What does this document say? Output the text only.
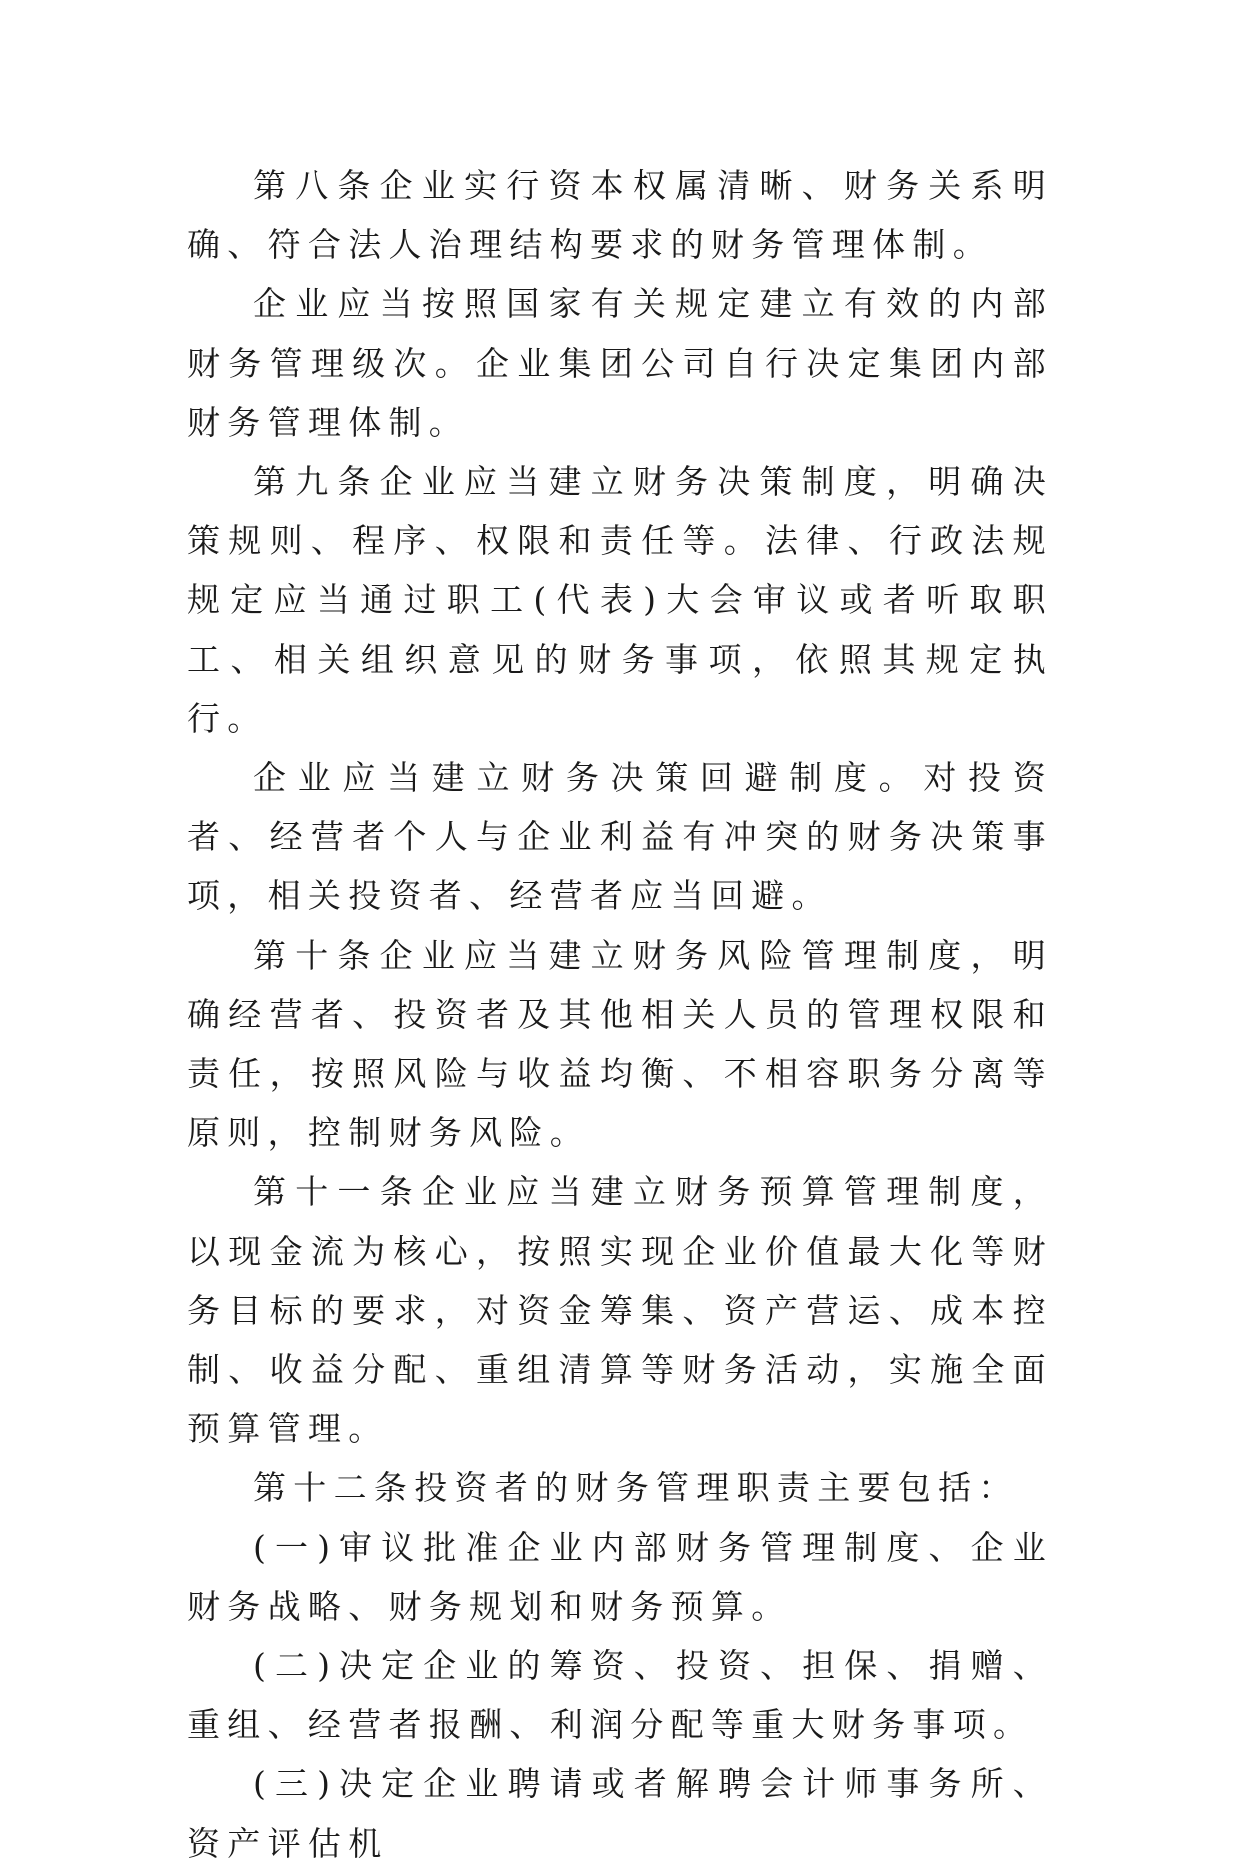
第八条企业实行资本权属清晰、财务关系明确、符合法人治理结构要求的财务管理体制。

企业应当按照国家有关规定建立有效的内部财务管理级次。企业集团公司自行决定集团内部财务管理体制。

第九条企业应当建立财务决策制度，明确决策规则、程序、权限和责任等。法律、行政法规规定应当通过职工(代表)大会审议或者听取职工、相关组织意见的财务事项，依照其规定执行。

企业应当建立财务决策回避制度。对投资者、经营者个人与企业利益有冲突的财务决策事项，相关投资者、经营者应当回避。

第十条企业应当建立财务风险管理制度，明确经营者、投资者及其他相关人员的管理权限和责任，按照风险与收益均衡、不相容职务分离等原则，控制财务风险。

第十一条企业应当建立财务预算管理制度，以现金流为核心，按照实现企业价值最大化等财务目标的要求，对资金筹集、资产营运、成本控制、收益分配、重组清算等财务活动，实施全面预算管理。

第十二条投资者的财务管理职责主要包括：

(一)审议批准企业内部财务管理制度、企业财务战略、财务规划和财务预算。

(二)决定企业的筹资、投资、担保、捐赠、重组、经营者报酬、利润分配等重大财务事项。

(三)决定企业聘请或者解聘会计师事务所、资产评估机
